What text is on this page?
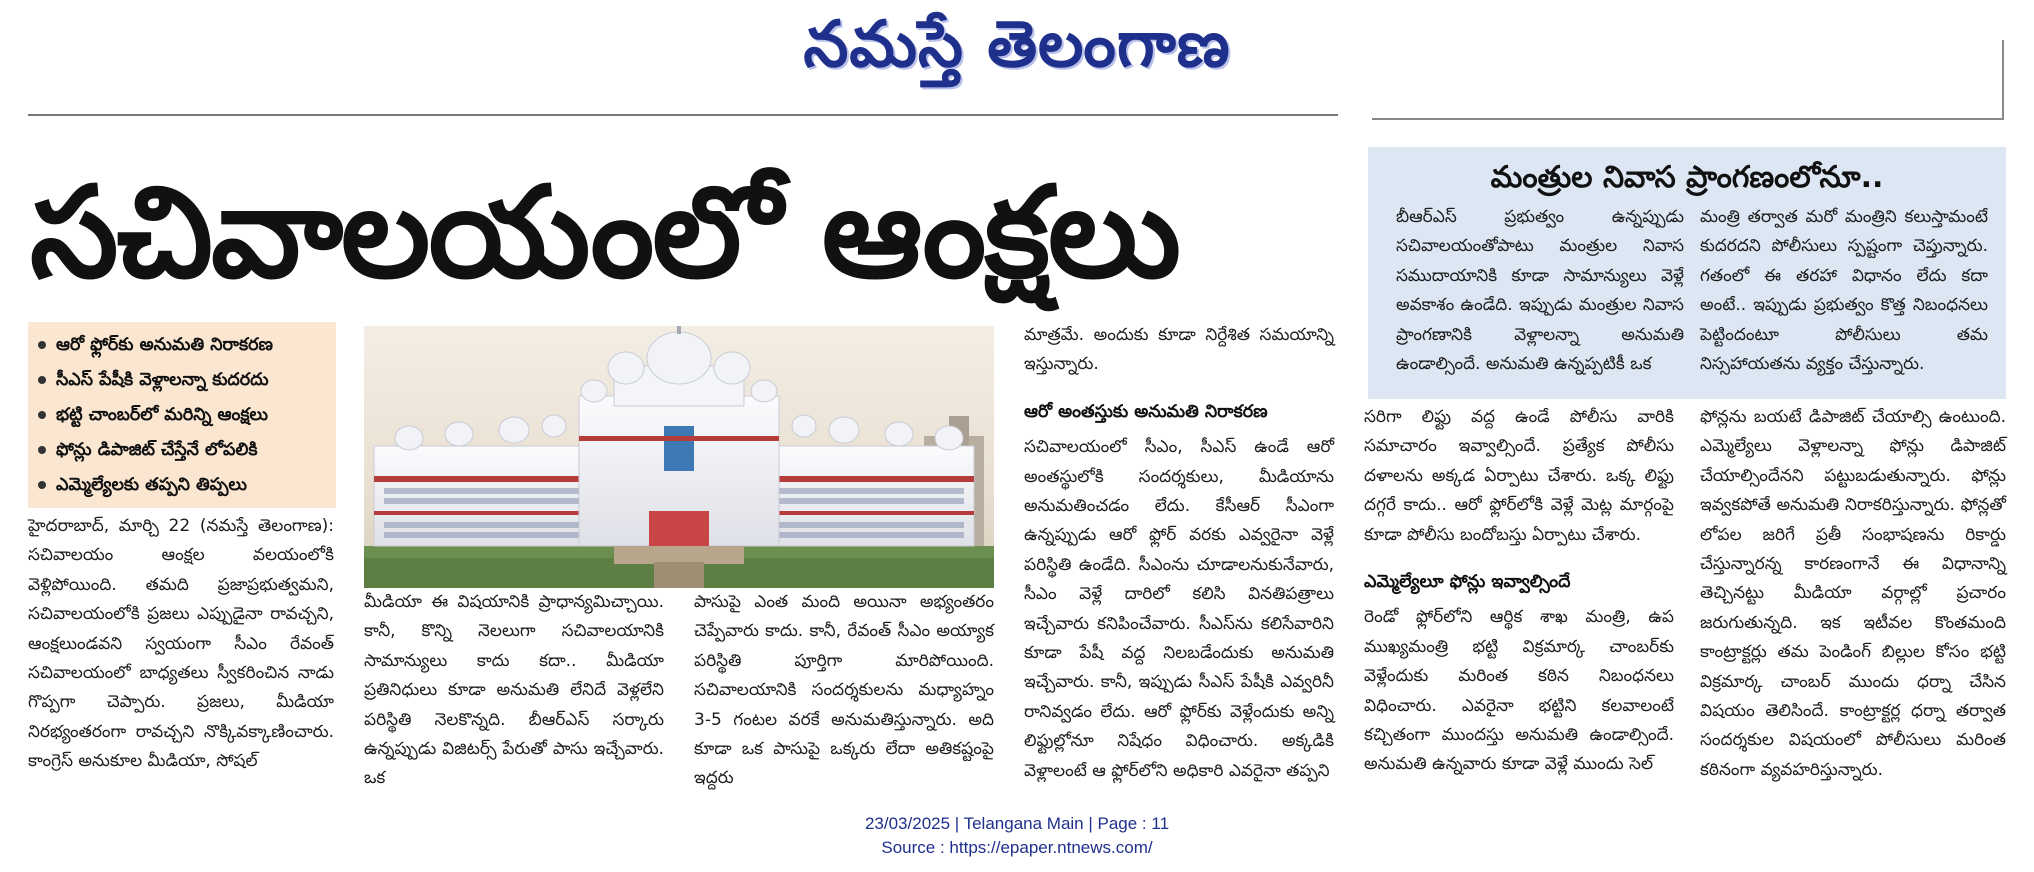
నమస్తే తెలంగాణ
సచివాలయంలో ఆంక్షలు
ఆరో ఫ్లోర్‌కు అనుమతి నిరాకరణ
సీఎస్ పేషీకి వెళ్లాలన్నా కుదరదు
భట్టి చాంబర్‌లో మరిన్ని ఆంక్షలు
ఫోన్లు డిపాజిట్ చేస్తేనే లోపలికి
ఎమ్మెల్యేలకు తప్పని తిప్పలు

హైదరాబాద్, మార్చి 22 (నమస్తే తెలంగాణ): సచివాలయం ఆంక్షల వలయంలోకి వెళ్లిపోయింది. తమది ప్రజాప్రభుత్వమని, సచివాలయంలోకి ప్రజలు ఎప్పుడైనా రావచ్చని, ఆంక్షలుండవని స్వయంగా సీఎం రేవంత్ సచివాలయంలో బాధ్యతలు స్వీకరించిన నాడు గొప్పగా చెప్పారు. ప్రజలు, మీడియా నిరభ్యంతరంగా రావచ్చని నొక్కివక్కాణించారు. కాంగ్రెస్ అనుకూల మీడియా, సోషల్

మీడియా ఈ విషయానికి ప్రాధాన్యమిచ్చాయి. కానీ, కొన్ని నెలలుగా సచివాలయానికి సామాన్యులు కాదు కదా.. మీడియా ప్రతినిధులు కూడా అనుమతి లేనిదే వెళ్లలేని పరిస్థితి నెలకొన్నది. బీఆర్‌ఎస్ సర్కారు ఉన్నప్పుడు విజిటర్స్ పేరుతో పాసు ఇచ్చేవారు. ఒక

పాసుపై ఎంత మంది అయినా అభ్యంతరం చెప్పేవారు కాదు. కానీ, రేవంత్ సీఎం అయ్యాక పరిస్థితి పూర్తిగా మారిపోయింది. సచివాలయానికి సందర్శకులను మధ్యాహ్నం 3-5 గంటల వరకే అనుమతిస్తున్నారు. అది కూడా ఒక పాసుపై ఒక్కరు లేదా అతికష్టంపై ఇద్దరు

మాత్రమే. అందుకు కూడా నిర్దేశిత సమయాన్ని ఇస్తున్నారు.

ఆరో అంతస్తుకు అనుమతి నిరాకరణ

సచివాలయంలో సీఎం, సీఎస్ ఉండే ఆరో అంతస్థులోకి సందర్శకులు, మీడియాను అనుమతించడం లేదు. కేసీఆర్ సీఎంగా ఉన్నప్పుడు ఆరో ఫ్లోర్ వరకు ఎవ్వరైనా వెళ్లే పరిస్థితి ఉండేది. సీఎంను చూడాలనుకునేవారు, సీఎం వెళ్లే దారిలో కలిసి వినతిపత్రాలు ఇచ్చేవారు కనిపించేవారు. సీఎస్‌ను కలిసేవారిని కూడా పేషీ వద్ద నిలబడేందుకు అనుమతి ఇచ్చేవారు. కానీ, ఇప్పుడు సీఎస్ పేషీకి ఎవ్వరినీ రానివ్వడం లేదు. ఆరో ఫ్లోర్‌కు వెళ్లేందుకు అన్ని లిఫ్టుల్లోనూ నిషేధం విధించారు. అక్కడికి వెళ్లాలంటే ఆ ఫ్లోర్‌లోని అధికారి ఎవరైనా తప్పని

సరిగా లిఫ్టు వద్ద ఉండే పోలీసు వారికి సమాచారం ఇవ్వాల్సిందే. ప్రత్యేక పోలీసు దళాలను అక్కడ ఏర్పాటు చేశారు. ఒక్క లిఫ్టు దగ్గరే కాదు.. ఆరో ఫ్లోర్‌లోకి వెళ్లే మెట్ల మార్గంపై కూడా పోలీసు బందోబస్తు ఏర్పాటు చేశారు.

ఎమ్మెల్యేలూ ఫోన్లు ఇవ్వాల్సిందే

రెండో ఫ్లోర్‌లోని ఆర్థిక శాఖ మంత్రి, ఉప ముఖ్యమంత్రి భట్టి విక్రమార్క చాంబర్‌కు వెళ్లేందుకు మరింత కఠిన నిబంధనలు విధించారు. ఎవరైనా భట్టిని కలవాలంటే కచ్చితంగా ముందస్తు అనుమతి ఉండాల్సిందే. అనుమతి ఉన్నవారు కూడా వెళ్లే ముందు సెల్

ఫోన్లను బయటే డిపాజిట్ చేయాల్సి ఉంటుంది. ఎమ్మెల్యేలు వెళ్లాలన్నా ఫోన్లు డిపాజిట్ చేయాల్సిందేనని పట్టుబడుతున్నారు. ఫోన్లు ఇవ్వకపోతే అనుమతి నిరాకరిస్తున్నారు. ఫోన్లతో లోపల జరిగే ప్రతీ సంభాషణను రికార్డు చేస్తున్నారన్న కారణంగానే ఈ విధానాన్ని తెచ్చినట్టు మీడియా వర్గాల్లో ప్రచారం జరుగుతున్నది. ఇక ఇటీవల కొంతమంది కాంట్రాక్టర్లు తమ పెండింగ్ బిల్లుల కోసం భట్టి విక్రమార్క చాంబర్ ముందు ధర్నా చేసిన విషయం తెలిసిందే. కాంట్రాక్టర్ల ధర్నా తర్వాత సందర్శకుల విషయంలో పోలీసులు మరింత కఠినంగా వ్యవహరిస్తున్నారు.

మంత్రుల నివాస ప్రాంగణంలోనూ..

బీఆర్‌ఎస్ ప్రభుత్వం ఉన్నప్పుడు సచివాలయంతోపాటు మంత్రుల నివాస సముదాయానికి కూడా సామాన్యులు వెళ్లే అవకాశం ఉండేది. ఇప్పుడు మంత్రుల నివాస ప్రాంగణానికి వెళ్లాలన్నా అనుమతి ఉండాల్సిందే. అనుమతి ఉన్నప్పటికీ ఒక

మంత్రి తర్వాత మరో మంత్రిని కలుస్తామంటే కుదరదని పోలీసులు స్పష్టంగా చెప్తున్నారు. గతంలో ఈ తరహా విధానం లేదు కదా అంటే.. ఇప్పుడు ప్రభుత్వం కొత్త నిబంధనలు పెట్టిందంటూ పోలీసులు తమ నిస్సహాయతను వ్యక్తం చేస్తున్నారు.

23/03/2025 | Telangana Main | Page : 11
Source : https://epaper.ntnews.com/
